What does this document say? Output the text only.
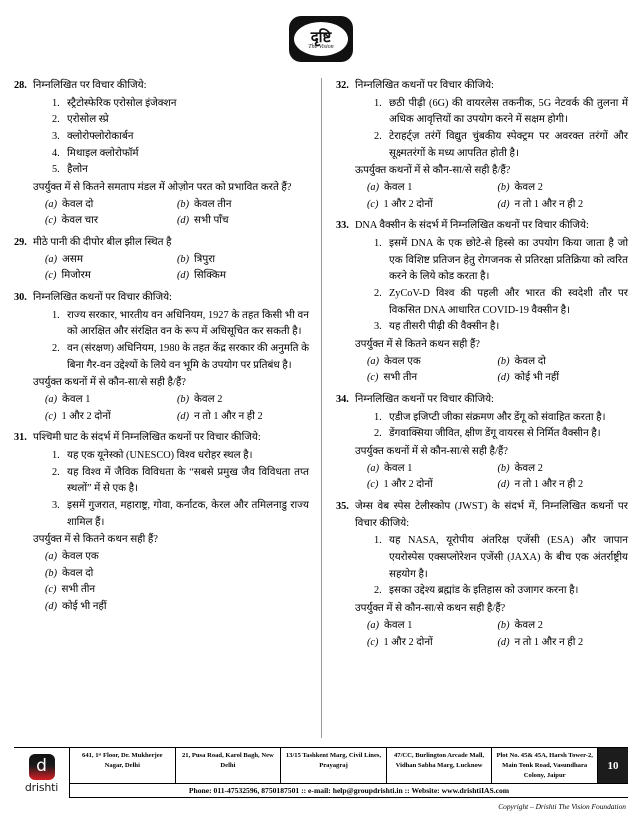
दृष्टि
The Vision
28. निम्नलिखित पर विचार कीजिये:
स्ट्रैटोस्फेरिक एरोसोल इंजेक्शन
एरोसोल स्प्रे
क्लोरोफ्लोरोकार्बन
मिथाइल क्लोरोफॉर्म
हैलोन
उपर्युक्त में से कितने समताप मंडल में ओज़ोन परत को प्रभावित करते हैं?
(a) केवल दो	(b) केवल तीन
(c) केवल चार	(d) सभी पाँच
29. मीठे पानी की दीपोर बील झील स्थित है
(a) असम	(b) त्रिपुरा
(c) मिजोरम	(d) सिक्किम
30. निम्नलिखित कथनों पर विचार कीजिये:
राज्य सरकार, भारतीय वन अधिनियम, 1927 के तहत किसी भी वन को आरक्षित और संरक्षित वन के रूप में अधिसूचित कर सकती है।
वन (संरक्षण) अधिनियम, 1980 के तहत केंद्र सरकार की अनुमति के बिना गैर-वन उद्देश्यों के लिये वन भूमि के उपयोग पर प्रतिबंध है।
उपर्युक्त कथनों में से कौन-सा/से सही है/हैं?
(a) केवल 1	(b) केवल 2
(c) 1 और 2 दोनों	(d) न तो 1 और न ही 2
31. पश्चिमी घाट के संदर्भ में निम्नलिखित कथनों पर विचार कीजिये:
यह एक यूनेस्को (UNESCO) विश्व धरोहर स्थल है।
यह विश्व में जैविक विविधता के “सबसे प्रमुख जैव विविधता तप्त स्थलों” में से एक है।
इसमें गुजरात, महाराष्ट्र, गोवा, कर्नाटक, केरल और तमिलनाडु राज्य शामिल हैं।
उपर्युक्त में से कितने कथन सही हैं?
(a) केवल एक
(b) केवल दो
(c) सभी तीन
(d) कोई भी नहीं
32. निम्नलिखित कथनों पर विचार कीजिये:
छठी पीढ़ी (6G) की वायरलेस तकनीक, 5G नेटवर्क की तुलना में अधिक आवृत्तियों का उपयोग करने में सक्षम होगी।
टेराहर्ट्ज़ तरंगें विद्युत चुंबकीय स्पेक्ट्रम पर अवरक्त तरंगों और सूक्ष्मतरंगों के मध्य आपतित होती है।
ऊपर्युक्त कथनों में से कौन-सा/से सही है/हैं?
(a) केवल 1	(b) केवल 2
(c) 1 और 2 दोनों	(d) न तो 1 और न ही 2
33. DNA वैक्सीन के संदर्भ में निम्नलिखित कथनों पर विचार कीजिये:
इसमें DNA के एक छोटे-से हिस्से का उपयोग किया जाता है जो एक विशिष्ट प्रतिजन हेतु रोगजनक से प्रतिरक्षा प्रतिक्रिया को त्वरित करने के लिये कोड करता है।
ZyCoV-D विश्व की पहली और भारत की स्वदेशी तौर पर विकसित DNA आधारित COVID-19 वैक्सीन है।
यह तीसरी पीढ़ी की वैक्सीन है।
उपर्युक्त में से कितने कथन सही हैं?
(a) केवल एक	(b) केवल दो
(c) सभी तीन	(d) कोई भी नहीं
34. निम्नलिखित कथनों पर विचार कीजिये:
एडीज इजिप्टी जीका संक्रमण और डेंगू को संवाहित करता है।
डेंगवाक्सिया जीवित, क्षीण डेंगू वायरस से निर्मित वैक्सीन है।
उपर्युक्त कथनों में से कौन-सा/से सही है/हैं?
(a) केवल 1	(b) केवल 2
(c) 1 और 2 दोनों	(d) न तो 1 और न ही 2
35. जेम्स वेब स्पेस टेलीस्कोप (JWST) के संदर्भ में, निम्नलिखित कथनों पर विचार कीजिये:
यह NASA, यूरोपीय अंतरिक्ष एजेंसी (ESA) और जापान एयरोस्पेस एक्सप्लोरेशन एजेंसी (JAXA) के बीच एक अंतर्राष्ट्रीय सहयोग है।
इसका उद्देश्य ब्रह्मांड के इतिहास को उजागर करना है।
उपर्युक्त में से कौन-सा/से कथन सही है/हैं?
(a) केवल 1	(b) केवल 2
(c) 1 और 2 दोनों	(d) न तो 1 और न ही 2
d
drishti
641, 1ˢᵗ Floor, Dr. Mukherjee Nagar, Delhi
21, Pusa Road, Karol Bagh, New Delhi
13/15 Tashkent Marg, Civil Lines, Prayagraj
47/CC, Burlington Arcade Mall, Vidhan Sabha Marg, Lucknow
Plot No. 45& 45A, Harsh Tower-2, Main Tonk Road, Vasundhara Colony, Jaipur
10
Phone: 011-47532596, 8750187501 :: e-mail: help@groupdrishti.in :: Website: www.drishtiIAS.com
Copyright – Drishti The Vision Foundation
